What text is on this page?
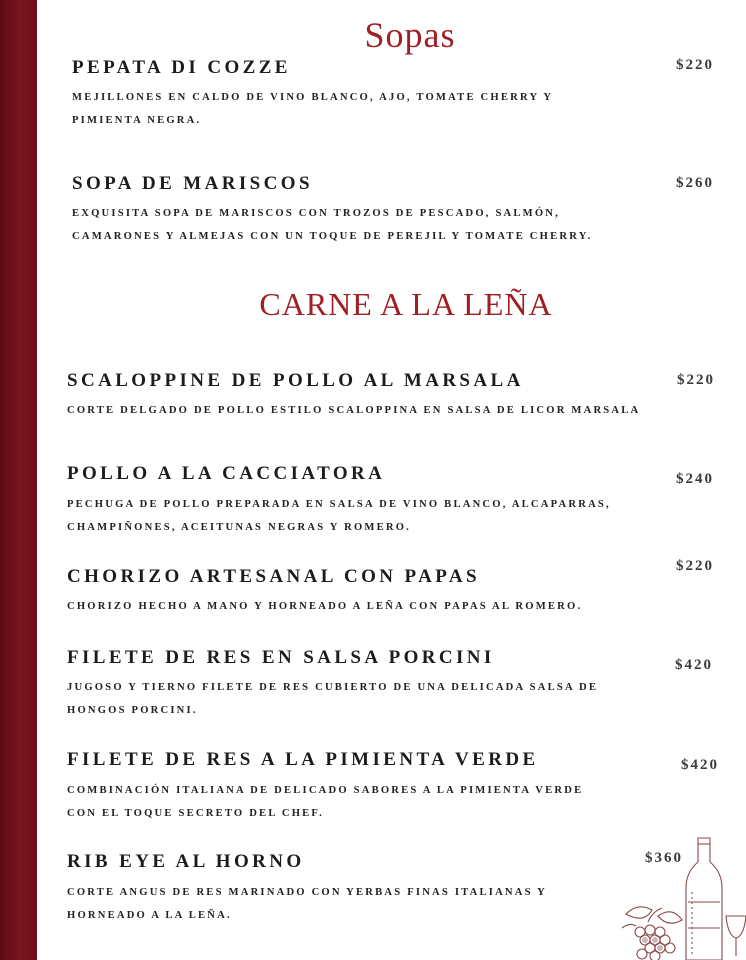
Sopas
PEPATA DI COZZE	$220
MEJILLONES EN CALDO DE VINO BLANCO, AJO, TOMATE CHERRY Y
PIMIENTA NEGRA.
SOPA DE MARISCOS	$260
EXQUISITA SOPA DE MARISCOS CON TROZOS DE PESCADO, SALMÓN,
CAMARONES Y ALMEJAS CON UN TOQUE DE PEREJIL Y TOMATE CHERRY.
CARNE A LA LEÑA
SCALOPPINE DE POLLO AL MARSALA	$220
CORTE DELGADO DE POLLO ESTILO SCALOPPINA EN SALSA DE LICOR MARSALA
POLLO A LA CACCIATORA	$240
PECHUGA DE POLLO PREPARADA EN SALSA DE VINO BLANCO, ALCAPARRAS,
CHAMPIÑONES, ACEITUNAS NEGRAS Y ROMERO.
CHORIZO ARTESANAL CON PAPAS	$220
CHORIZO HECHO A MANO Y HORNEADO A LEÑA CON PAPAS AL ROMERO.
FILETE DE RES EN SALSA PORCINI	$420
JUGOSO Y TIERNO FILETE DE RES CUBIERTO DE UNA DELICADA SALSA DE
HONGOS PORCINI.
FILETE DE RES A LA PIMIENTA VERDE	$420
COMBINACIÓN ITALIANA DE DELICADO SABORES A LA PIMIENTA VERDE
CON EL TOQUE SECRETO DEL CHEF.
RIB EYE AL HORNO	$360
CORTE ANGUS DE RES MARINADO CON YERBAS FINAS ITALIANAS Y
HORNEADO A LA LEÑA.
